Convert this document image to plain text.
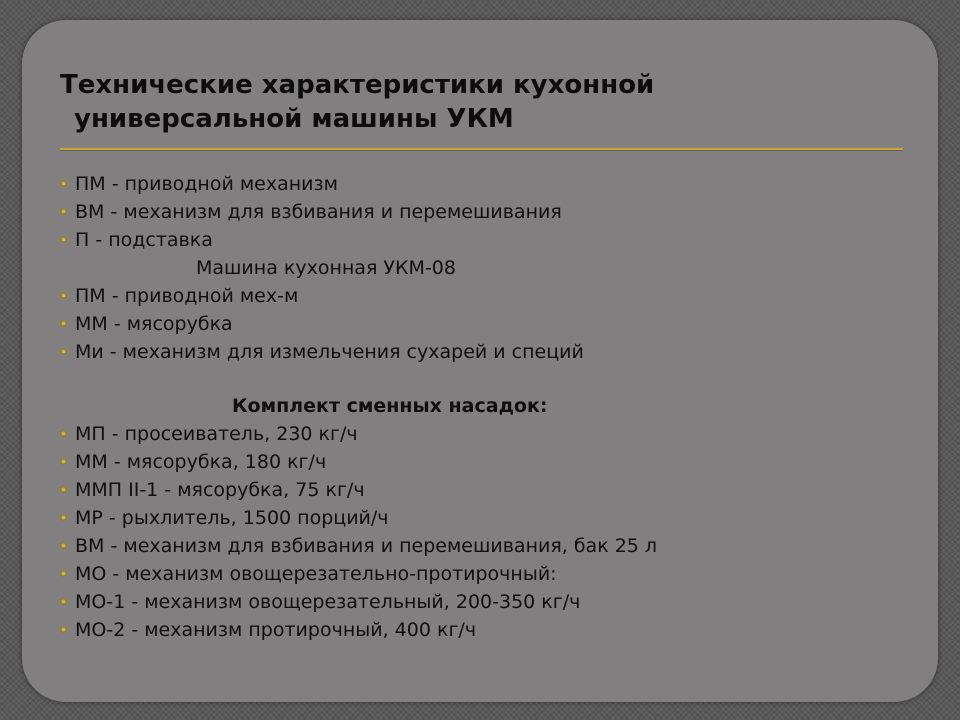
Технические характеристики кухонной
универсальной машины УКМ
ПМ - приводной механизм
ВМ - механизм для взбивания и перемешивания
П - подставка
Машина кухонная УКМ-08
ПМ - приводной мех-м
ММ - мясорубка
Ми - механизм для измельчения сухарей и специй
Комплект сменных насадок:
МП - просеиватель, 230 кг/ч
ММ - мясорубка, 180 кг/ч
ММП II-1 - мясорубка, 75 кг/ч
МР - рыхлитель, 1500 порций/ч
ВМ - механизм для взбивания и перемешивания, бак 25 л
МО - механизм овощерезательно-протирочный:
МО-1 - механизм овощерезательный, 200-350 кг/ч
МО-2 - механизм протирочный, 400 кг/ч
